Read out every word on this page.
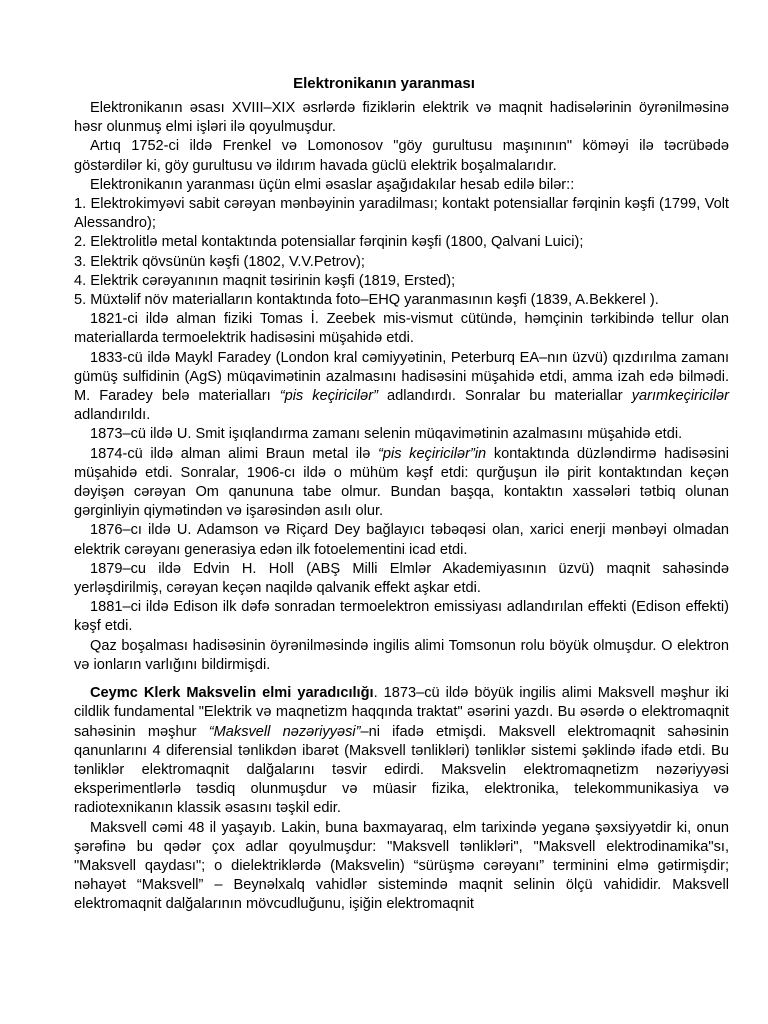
Elektronikanın yaranması

Elektronikanın əsası XVIII–XIX əsrlərdə fiziklərin elektrik və maqnit hadisələrinin öyrənilməsinə həsr olunmuş elmi işləri ilə qoyulmuşdur.

Artıq 1752-ci ildə Frenkel və Lomonosov "göy gurultusu maşınının" köməyi ilə təcrübədə göstərdilər ki, göy gurultusu və ildırım havada güclü elektrik boşalmalarıdır.

Elektronikanın yaranması üçün elmi əsaslar aşağıdakılar hesab edilə bilər::

1. Elektrokimyəvi sabit cərəyan mənbəyinin yaradilması; kontakt potensiallar fərqinin kəşfi (1799, Volt Alessandro);

2. Elektrolitlə metal kontaktında potensiallar fərqinin kəşfi (1800, Qalvani Luici);

3. Elektrik qövsünün kəşfi (1802, V.V.Petrov);

4. Elektrik cərəyanının maqnit təsirinin kəşfi (1819, Ersted);

5. Müxtəlif növ materialların kontaktında foto–EHQ yaranmasının kəşfi (1839, A.Bekkerel ).

1821-ci ildə alman fiziki Tomas İ. Zeebek mis-vismut cütündə, həmçinin tərkibində tellur olan materiallarda termoelektrik hadisəsini müşahidə etdi.

1833-cü ildə Maykl Faradey (London kral cəmiyyətinin, Peterburq EA–nın üzvü) qızdırılma zamanı gümüş sulfidinin (AgS) müqavimətinin azalmasını hadisəsini müşahidə etdi, amma izah edə bilmədi. M. Faradey belə materialları “pis keçiricilər” adlandırdı. Sonralar bu materiallar yarımkeçiricilər adlandırıldı.

1873–cü ildə U. Smit işıqlandırma zamanı selenin müqavimətinin azalmasını müşahidə etdi.

1874-cü ildə alman alimi Braun metal ilə “pis keçiricilər”in kontaktında düzləndirmə hadisəsini müşahidə etdi. Sonralar, 1906-cı ildə o mühüm kəşf etdi: qurğuşun ilə pirit kontaktından keçən dəyişən cərəyan Om qanununa tabe olmur. Bundan başqa, kontaktın xassələri tətbiq olunan gərginliyin qiymətindən və işarəsindən asılı olur.

1876–cı ildə U. Adamson və Riçard Dey bağlayıcı təbəqəsi olan, xarici enerji mənbəyi olmadan elektrik cərəyanı generasiya edən ilk fotoelementini icad etdi.

1879–cu ildə Edvin H. Holl (ABŞ Milli Elmlər Akademiyasının üzvü) maqnit sahəsində yerləşdirilmiş, cərəyan keçən naqildə qalvanik effekt aşkar etdi.

1881–ci ildə Edison ilk dəfə sonradan termoelektron emissiyası adlandırılan effekti (Edison effekti) kəşf etdi.

Qaz boşalması hadisəsinin öyrənilməsində ingilis alimi Tomsonun rolu böyük olmuşdur. O elektron və ionların varlığını bildirmişdi.

Ceymc Klerk Maksvelin elmi yaradıcılığı. 1873–cü ildə böyük ingilis alimi Maksvell məşhur iki cildlik fundamental "Elektrik və maqnetizm haqqında traktat" əsərini yazdı. Bu əsərdə o elektromaqnit sahəsinin məşhur “Maksvell nəzəriyyəsi”–ni ifadə etmişdi. Maksvell elektromaqnit sahəsinin qanunlarını 4 diferensial tənlikdən ibarət (Maksvell tənlikləri) tənliklər sistemi şəklində ifadə etdi. Bu tənliklər elektromaqnit dalğalarını təsvir edirdi. Maksvelin elektromaqnetizm nəzəriyyəsi eksperimentlərlə təsdiq olunmuşdur və müasir fizika, elektronika, telekommunikasiya və radiotexnikanın klassik əsasını təşkil edir.

Maksvell cəmi 48 il yaşayıb. Lakin, buna baxmayaraq, elm tarixində yeganə şəxsiyyətdir ki, onun şərəfinə bu qədər çox adlar qoyulmuşdur: "Maksvell tənlikləri", "Maksvell elektrodinamika"sı, "Maksvell qaydası"; o dielektriklərdə (Maksvelin) “sürüşmə cərəyanı” terminini elmə gətirmişdir; nəhayət “Maksvell” – Beynəlxalq vahidlər sistemində maqnit selinin ölçü vahididir. Maksvell elektromaqnit dalğalarının mövcudluğunu, işiğin elektromaqnit
